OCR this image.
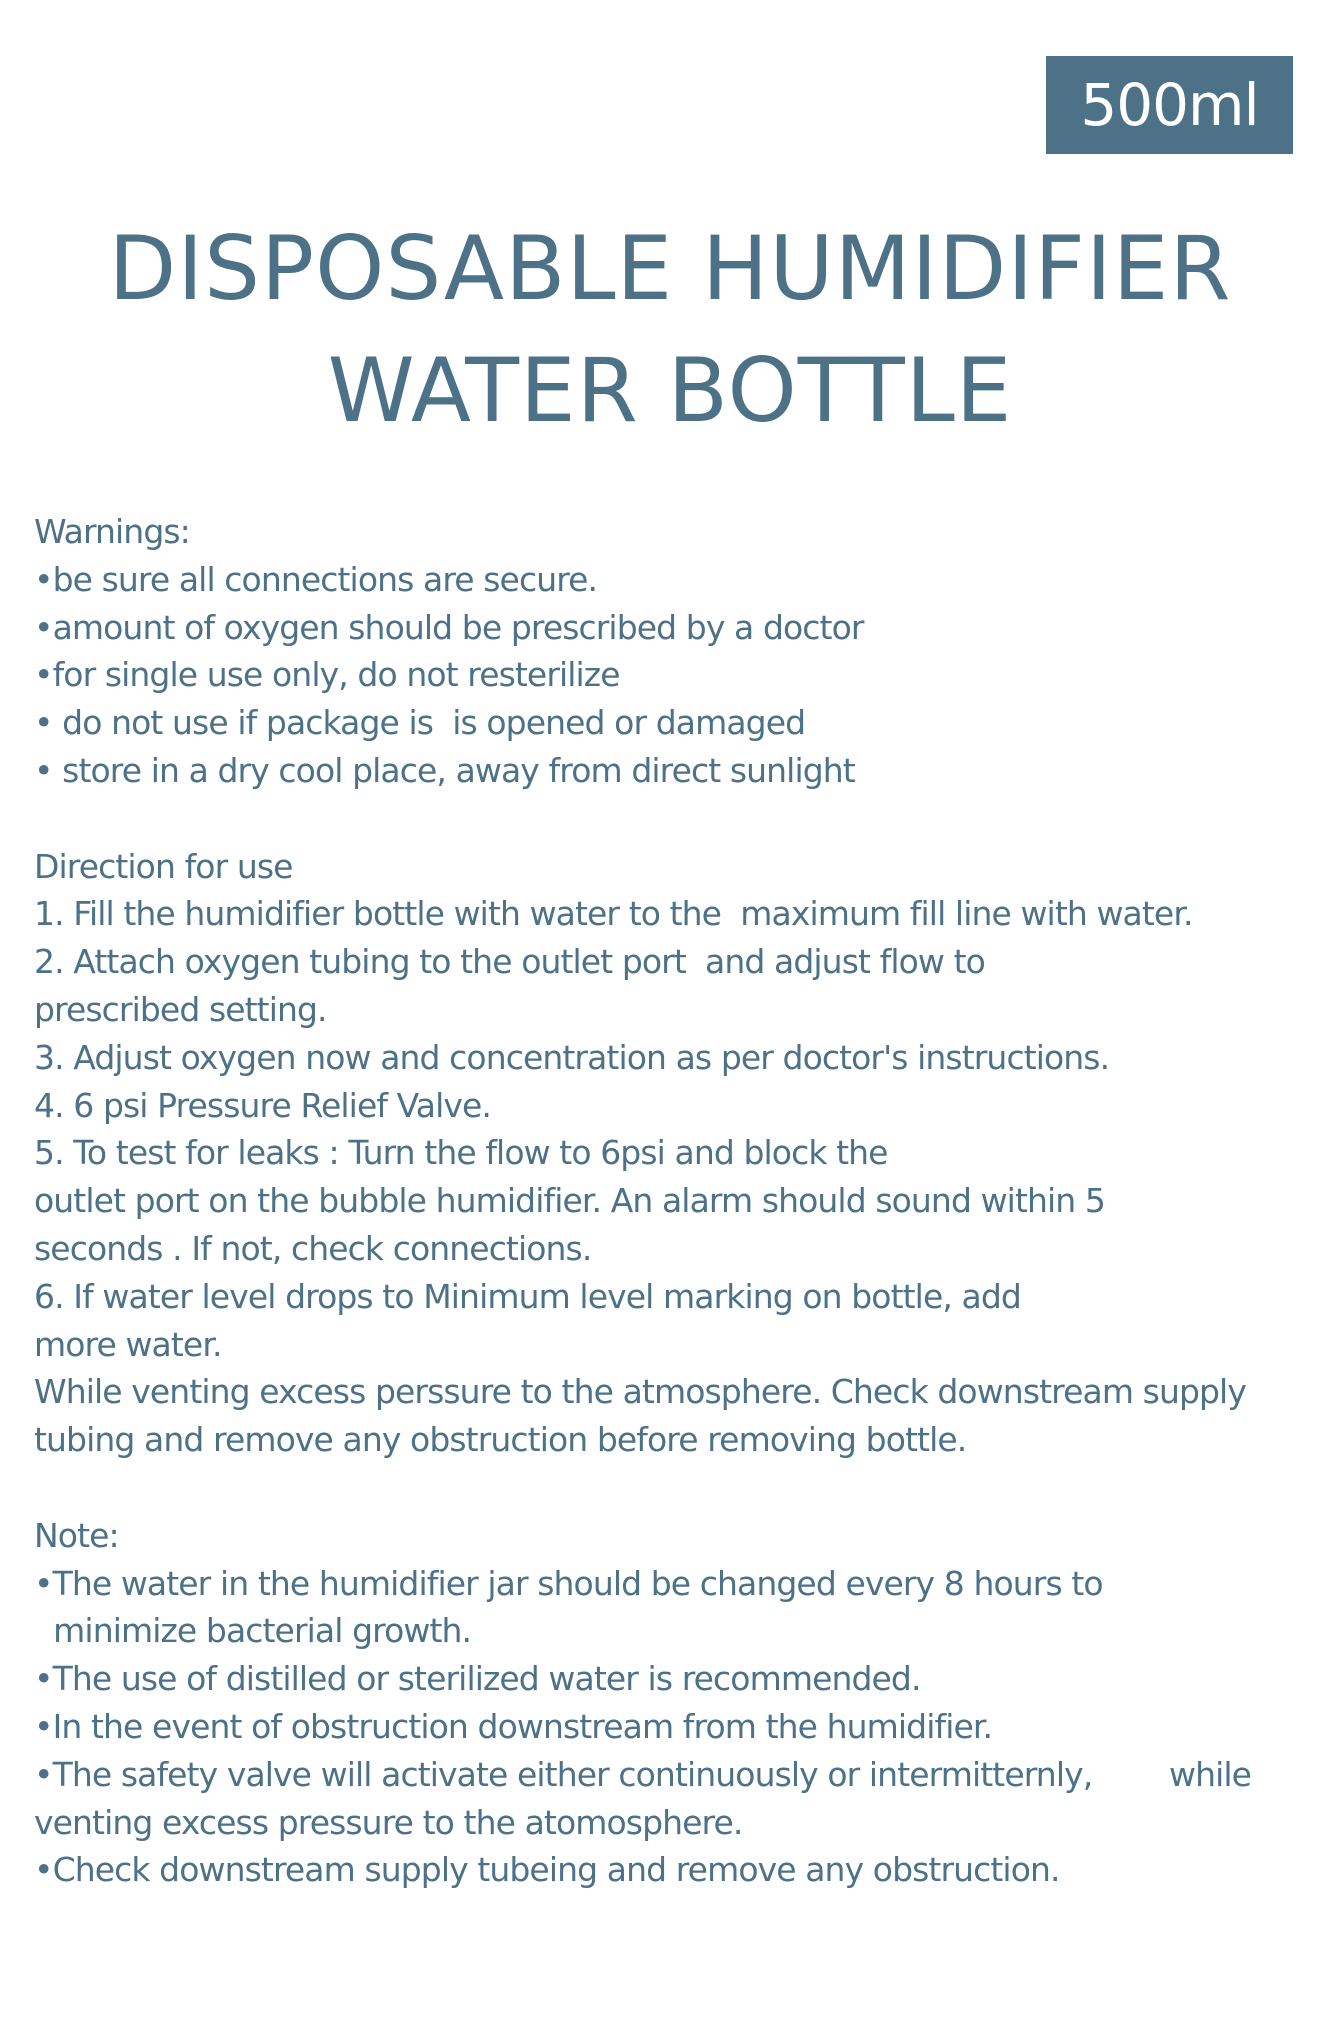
500ml
DISPOSABLE HUMIDIFIER
WATER BOTTLE
Warnings:
•be sure all connections are secure.
•amount of oxygen should be prescribed by a doctor
•for single use only, do not resterilize
• do not use if package is  is opened or damaged
• store in a dry cool place, away from direct sunlight
Direction for use
1. Fill the humidifier bottle with water to the  maximum fill line with water.
2. Attach oxygen tubing to the outlet port  and adjust flow to
prescribed setting.
3. Adjust oxygen now and concentration as per doctor's instructions.
4. 6 psi Pressure Relief Valve.
5. To test for leaks : Turn the flow to 6psi and block the
outlet port on the bubble humidifier. An alarm should sound within 5
seconds . If not, check connections.
6. If water level drops to Minimum level marking on bottle, add
more water.
While venting excess perssure to the atmosphere. Check downstream supply
tubing and remove any obstruction before removing bottle.
Note:
•The water in the humidifier jar should be changed every 8 hours to
minimize bacterial growth.
•The use of distilled or sterilized water is recommended.
•In the event of obstruction downstream from the humidifier.
•The safety valve will activate either continuously or intermitternly,        while
venting excess pressure to the atomosphere.
•Check downstream supply tubeing and remove any obstruction.
